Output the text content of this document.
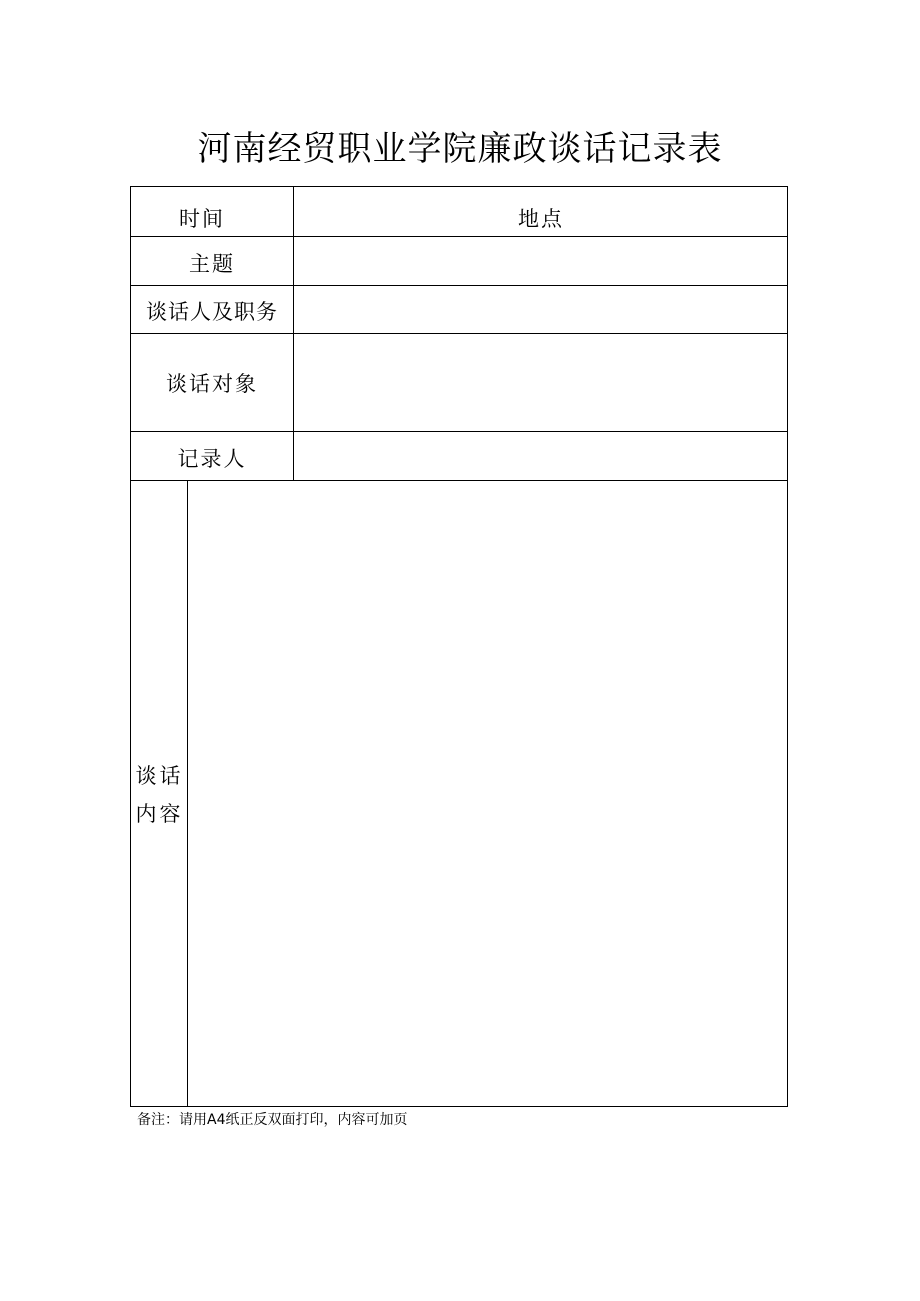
河南经贸职业学院廉政谈话记录表
时间	地点
主题
谈话人及职务
谈话对象
记录人
谈话
内容
备注：请用A4纸正反双面打印，内容可加页
